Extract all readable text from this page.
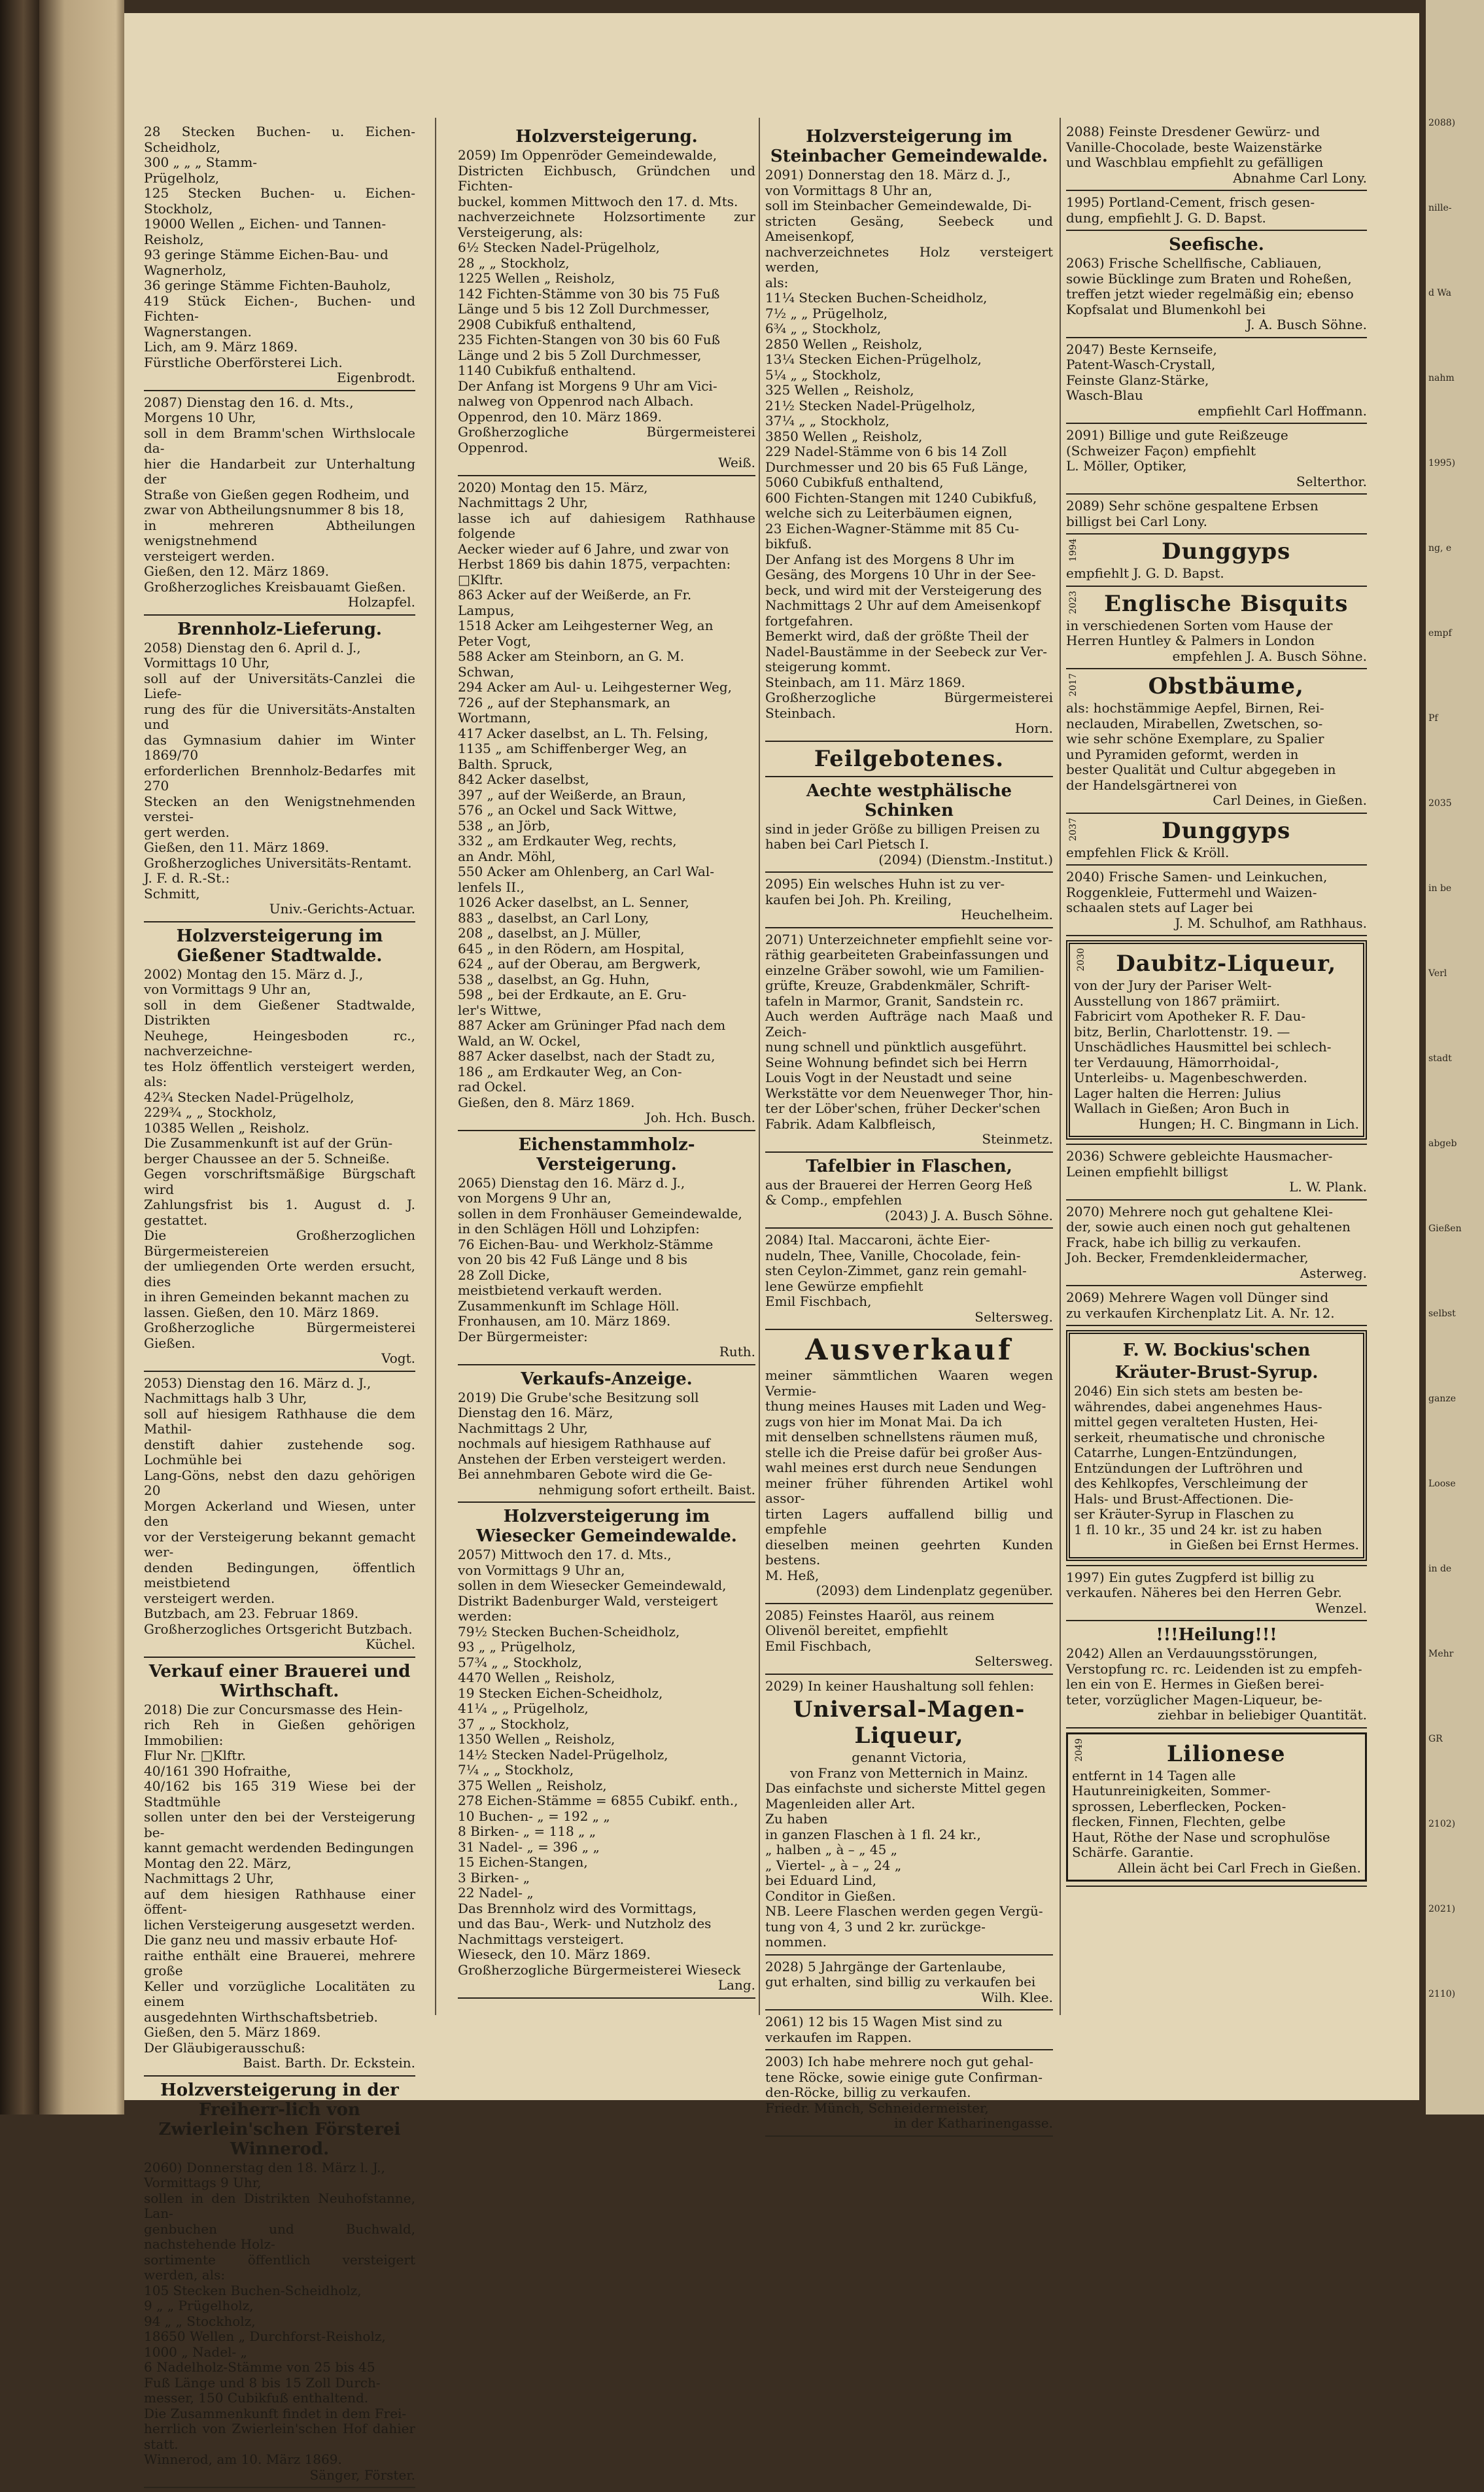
28 Stecken Buchen- u. Eichen-Scheidholz,

300 „ „ „ Stamm-

Prügelholz,

125 Stecken Buchen- u. Eichen-Stockholz,

19000 Wellen „ Eichen- und Tannen-

Reisholz,

93 geringe Stämme Eichen-Bau- und

Wagnerholz,

36 geringe Stämme Fichten-Bauholz,

419 Stück Eichen-, Buchen- und Fichten-

Wagnerstangen.

Lich, am 9. März 1869.

Fürstliche Oberförsterei Lich.

Eigenbrodt.

2087) Dienstag den 16. d. Mts.,

Morgens 10 Uhr,

soll in dem Bramm'schen Wirthslocale da-

hier die Handarbeit zur Unterhaltung der

Straße von Gießen gegen Rodheim, und

zwar von Abtheilungsnummer 8 bis 18,

in mehreren Abtheilungen wenigstnehmend

versteigert werden.

Gießen, den 12. März 1869.

Großherzogliches Kreisbauamt Gießen.

Holzapfel.

Brennholz-Lieferung.

2058) Dienstag den 6. April d. J.,

Vormittags 10 Uhr,

soll auf der Universitäts-Canzlei die Liefe-

rung des für die Universitäts-Anstalten und

das Gymnasium dahier im Winter 1869/70

erforderlichen Brennholz-Bedarfes mit 270

Stecken an den Wenigstnehmenden verstei-

gert werden.

Gießen, den 11. März 1869.

Großherzogliches Universitäts-Rentamt.

J. F. d. R.-St.:

Schmitt,

Univ.-Gerichts-Actuar.

Holzversteigerung im Gießener Stadtwalde.

2002) Montag den 15. März d. J.,

von Vormittags 9 Uhr an,

soll in dem Gießener Stadtwalde, Distrikten

Neuhege, Heingesboden rc., nachverzeichne-

tes Holz öffentlich versteigert werden, als:

42¾ Stecken Nadel-Prügelholz,

229¾ „ „ Stockholz,

10385 Wellen „ Reisholz.

Die Zusammenkunft ist auf der Grün-

berger Chaussee an der 5. Schneiße.

Gegen vorschriftsmäßige Bürgschaft wird

Zahlungsfrist bis 1. August d. J. gestattet.

Die Großherzoglichen Bürgermeistereien

der umliegenden Orte werden ersucht, dies

in ihren Gemeinden bekannt machen zu

lassen. Gießen, den 10. März 1869.

Großherzogliche Bürgermeisterei Gießen.

Vogt.

2053) Dienstag den 16. März d. J.,

Nachmittags halb 3 Uhr,

soll auf hiesigem Rathhause die dem Mathil-

denstift dahier zustehende sog. Lochmühle bei

Lang-Göns, nebst den dazu gehörigen 20

Morgen Ackerland und Wiesen, unter den

vor der Versteigerung bekannt gemacht wer-

denden Bedingungen, öffentlich meistbietend

versteigert werden.

Butzbach, am 23. Februar 1869.

Großherzogliches Ortsgericht Butzbach.

Küchel.

Verkauf einer Brauerei und Wirthschaft.

2018) Die zur Concursmasse des Hein-

rich Reh in Gießen gehörigen Immobilien:

Flur Nr. □Klftr.

40/161 390 Hofraithe,

40/162 bis 165 319 Wiese bei der Stadtmühle

sollen unter den bei der Versteigerung be-

kannt gemacht werdenden Bedingungen

Montag den 22. März,

Nachmittags 2 Uhr,

auf dem hiesigen Rathhause einer öffent-

lichen Versteigerung ausgesetzt werden.

Die ganz neu und massiv erbaute Hof-

raithe enthält eine Brauerei, mehrere große

Keller und vorzügliche Localitäten zu einem

ausgedehnten Wirthschaftsbetrieb.

Gießen, den 5. März 1869.

Der Gläubigerausschuß:

Baist. Barth. Dr. Eckstein.

Holzversteigerung in der Freiherr-lich von Zwierlein'schen Försterei Winnerod.

2060) Donnerstag den 18. März l. J.,

Vormittags 9 Uhr,

sollen in den Distrikten Neuhofstanne, Lan-

genbuchen und Buchwald, nachstehende Holz-

sortimente öffentlich versteigert werden, als:

105 Stecken Buchen-Scheidholz,

9 „ „ Prügelholz,

94 „ „ Stockholz,

18650 Wellen „ Durchforst-Reisholz,

1000 „ Nadel- „

6 Nadelholz-Stämme von 25 bis 45

Fuß Länge und 8 bis 15 Zoll Durch-

messer, 150 Cubikfuß enthaltend.

Die Zusammenkunft findet in dem Frei-

herrlich von Zwierlein'schen Hof dahier statt.

Winnerod, am 10. März 1869.

Sänger, Förster.

Holzversteigerung.

2059) Im Oppenröder Gemeindewalde,

Districten Eichbusch, Gründchen und Fichten-

buckel, kommen Mittwoch den 17. d. Mts.

nachverzeichnete Holzsortimente zur Versteigerung, als:

6½ Stecken Nadel-Prügelholz,

28 „ „ Stockholz,

1225 Wellen „ Reisholz,

142 Fichten-Stämme von 30 bis 75 Fuß

Länge und 5 bis 12 Zoll Durchmesser,

2908 Cubikfuß enthaltend,

235 Fichten-Stangen von 30 bis 60 Fuß

Länge und 2 bis 5 Zoll Durchmesser,

1140 Cubikfuß enthaltend.

Der Anfang ist Morgens 9 Uhr am Vici-

nalweg von Oppenrod nach Albach.

Oppenrod, den 10. März 1869.

Großherzogliche Bürgermeisterei Oppenrod.

Weiß.

2020) Montag den 15. März,

Nachmittags 2 Uhr,

lasse ich auf dahiesigem Rathhause folgende

Aecker wieder auf 6 Jahre, und zwar von

Herbst 1869 bis dahin 1875, verpachten:

□Klftr.

863 Acker auf der Weißerde, an Fr.

Lampus,

1518 Acker am Leihgesterner Weg, an

Peter Vogt,

588 Acker am Steinborn, an G. M.

Schwan,

294 Acker am Aul- u. Leihgesterner Weg,

726 „ auf der Stephansmark, an

Wortmann,

417 Acker daselbst, an L. Th. Felsing,

1135 „ am Schiffenberger Weg, an

Balth. Spruck,

842 Acker daselbst,

397 „ auf der Weißerde, an Braun,

576 „ an Ockel und Sack Wittwe,

538 „ an Jörb,

332 „ am Erdkauter Weg, rechts,

an Andr. Möhl,

550 Acker am Ohlenberg, an Carl Wal-

lenfels II.,

1026 Acker daselbst, an L. Senner,

883 „ daselbst, an Carl Lony,

208 „ daselbst, an J. Müller,

645 „ in den Rödern, am Hospital,

624 „ auf der Oberau, am Bergwerk,

538 „ daselbst, an Gg. Huhn,

598 „ bei der Erdkaute, an E. Gru-

ler's Wittwe,

887 Acker am Grüninger Pfad nach dem

Wald, an W. Ockel,

887 Acker daselbst, nach der Stadt zu,

186 „ am Erdkauter Weg, an Con-

rad Ockel.

Gießen, den 8. März 1869.

Joh. Hch. Busch.

Eichenstammholz-Versteigerung.

2065) Dienstag den 16. März d. J.,

von Morgens 9 Uhr an,

sollen in dem Fronhäuser Gemeindewalde,

in den Schlägen Höll und Lohzipfen:

76 Eichen-Bau- und Werkholz-Stämme

von 20 bis 42 Fuß Länge und 8 bis

28 Zoll Dicke,

meistbietend verkauft werden.

Zusammenkunft im Schlage Höll.

Fronhausen, am 10. März 1869.

Der Bürgermeister:

Ruth.

Verkaufs-Anzeige.

2019) Die Grube'sche Besitzung soll

Dienstag den 16. März,

Nachmittags 2 Uhr,

nochmals auf hiesigem Rathhause auf

Anstehen der Erben versteigert werden.

Bei annehmbaren Gebote wird die Ge-

nehmigung sofort ertheilt. Baist.

Holzversteigerung im Wiesecker Gemeindewalde.

2057) Mittwoch den 17. d. Mts.,

von Vormittags 9 Uhr an,

sollen in dem Wiesecker Gemeindewald,

Distrikt Badenburger Wald, versteigert

werden:

79½ Stecken Buchen-Scheidholz,

93 „ „ Prügelholz,

57¾ „ „ Stockholz,

4470 Wellen „ Reisholz,

19 Stecken Eichen-Scheidholz,

41¼ „ „ Prügelholz,

37 „ „ Stockholz,

1350 Wellen „ Reisholz,

14½ Stecken Nadel-Prügelholz,

7¼ „ „ Stockholz,

375 Wellen „ Reisholz,

278 Eichen-Stämme = 6855 Cubikf. enth.,

10 Buchen- „ = 192 „ „

8 Birken- „ = 118 „ „

31 Nadel- „ = 396 „ „

15 Eichen-Stangen,

3 Birken- „

22 Nadel- „

Das Brennholz wird des Vormittags,

und das Bau-, Werk- und Nutzholz des

Nachmittags versteigert.

Wieseck, den 10. März 1869.

Großherzogliche Bürgermeisterei Wieseck

Lang.

Holzversteigerung im Steinbacher Gemeindewalde.

2091) Donnerstag den 18. März d. J.,

von Vormittags 8 Uhr an,

soll im Steinbacher Gemeindewalde, Di-

stricten Gesäng, Seebeck und Ameisenkopf,

nachverzeichnetes Holz versteigert werden,

als:

11¼ Stecken Buchen-Scheidholz,

7½ „ „ Prügelholz,

6¾ „ „ Stockholz,

2850 Wellen „ Reisholz,

13¼ Stecken Eichen-Prügelholz,

5¼ „ „ Stockholz,

325 Wellen „ Reisholz,

21½ Stecken Nadel-Prügelholz,

37¼ „ „ Stockholz,

3850 Wellen „ Reisholz,

229 Nadel-Stämme von 6 bis 14 Zoll

Durchmesser und 20 bis 65 Fuß Länge,

5060 Cubikfuß enthaltend,

600 Fichten-Stangen mit 1240 Cubikfuß,

welche sich zu Leiterbäumen eignen,

23 Eichen-Wagner-Stämme mit 85 Cu-

bikfuß.

Der Anfang ist des Morgens 8 Uhr im

Gesäng, des Morgens 10 Uhr in der See-

beck, und wird mit der Versteigerung des

Nachmittags 2 Uhr auf dem Ameisenkopf

fortgefahren.

Bemerkt wird, daß der größte Theil der

Nadel-Baustämme in der Seebeck zur Ver-

steigerung kommt.

Steinbach, am 11. März 1869.

Großherzogliche Bürgermeisterei Steinbach.

Horn.

Feilgebotenes.
Aechte westphälische Schinken

sind in jeder Größe zu billigen Preisen zu

haben bei Carl Pietsch I.

(2094) (Dienstm.-Institut.)

2095) Ein welsches Huhn ist zu ver-

kaufen bei Joh. Ph. Kreiling,

Heuchelheim.

2071) Unterzeichneter empfiehlt seine vor-

räthig gearbeiteten Grabeinfassungen und

einzelne Gräber sowohl, wie um Familien-

grüfte, Kreuze, Grabdenkmäler, Schrift-

tafeln in Marmor, Granit, Sandstein rc.

Auch werden Aufträge nach Maaß und Zeich-

nung schnell und pünktlich ausgeführt.

Seine Wohnung befindet sich bei Herrn

Louis Vogt in der Neustadt und seine

Werkstätte vor dem Neuenweger Thor, hin-

ter der Löber'schen, früher Decker'schen

Fabrik. Adam Kalbfleisch,

Steinmetz.

Tafelbier in Flaschen,

aus der Brauerei der Herren Georg Heß

& Comp., empfehlen

(2043) J. A. Busch Söhne.

2084) Ital. Maccaroni, ächte Eier-

nudeln, Thee, Vanille, Chocolade, fein-

sten Ceylon-Zimmet, ganz rein gemahl-

lene Gewürze empfiehlt

Emil Fischbach,

Seltersweg.

Ausverkauf

meiner sämmtlichen Waaren wegen Vermie-

thung meines Hauses mit Laden und Weg-

zugs von hier im Monat Mai. Da ich

mit denselben schnellstens räumen muß,

stelle ich die Preise dafür bei großer Aus-

wahl meines erst durch neue Sendungen

meiner früher führenden Artikel wohl assor-

tirten Lagers auffallend billig und empfehle

dieselben meinen geehrten Kunden bestens.

M. Heß,

(2093) dem Lindenplatz gegenüber.

2085) Feinstes Haaröl, aus reinem

Olivenöl bereitet, empfiehlt

Emil Fischbach,

Seltersweg.

2029) In keiner Haushaltung soll fehlen:

Universal-Magen-Liqueur,

genannt Victoria,

von Franz von Metternich in Mainz.

Das einfachste und sicherste Mittel gegen

Magenleiden aller Art.

Zu haben

in ganzen Flaschen à 1 fl. 24 kr.,

„ halben „ à – „ 45 „

„ Viertel- „ à – „ 24 „

bei Eduard Lind,

Conditor in Gießen.

NB. Leere Flaschen werden gegen Vergü-

tung von 4, 3 und 2 kr. zurückge-

nommen.

2028) 5 Jahrgänge der Gartenlaube,

gut erhalten, sind billig zu verkaufen bei

Wilh. Klee.

2061) 12 bis 15 Wagen Mist sind zu

verkaufen im Rappen.

2003) Ich habe mehrere noch gut gehal-

tene Röcke, sowie einige gute Confirman-

den-Röcke, billig zu verkaufen.

Friedr. Münch, Schneidermeister,

in der Katharinengasse.

2088) Feinste Dresdener Gewürz- und

Vanille-Chocolade, beste Waizenstärke

und Waschblau empfiehlt zu gefälligen

Abnahme Carl Lony.

1995) Portland-Cement, frisch gesen-

dung, empfiehlt J. G. D. Bapst.

Seefische.

2063) Frische Schellfische, Cabliauen,

sowie Bücklinge zum Braten und Roheßen,

treffen jetzt wieder regelmäßig ein; ebenso

Kopfsalat und Blumenkohl bei

J. A. Busch Söhne.

2047) Beste Kernseife,

Patent-Wasch-Crystall,

Feinste Glanz-Stärke,

Wasch-Blau

empfiehlt Carl Hoffmann.

2091) Billige und gute Reißzeuge

(Schweizer Façon) empfiehlt

L. Möller, Optiker,

Selterthor.

2089) Sehr schöne gespaltene Erbsen

billigst bei Carl Lony.

1994	Dunggyps

empfiehlt J. G. D. Bapst.

2023	Englische Bisquits

in verschiedenen Sorten vom Hause der

Herren Huntley & Palmers in London

empfehlen J. A. Busch Söhne.

2017	Obstbäume,

als: hochstämmige Aepfel, Birnen, Rei-

neclauden, Mirabellen, Zwetschen, so-

wie sehr schöne Exemplare, zu Spalier

und Pyramiden geformt, werden in

bester Qualität und Cultur abgegeben in

der Handelsgärtnerei von

Carl Deines, in Gießen.

2037	Dunggyps

empfehlen Flick & Kröll.

2040) Frische Samen- und Leinkuchen,

Roggenkleie, Futtermehl und Waizen-

schaalen stets auf Lager bei

J. M. Schulhof, am Rathhaus.

2030	Daubitz-Liqueur,

von der Jury der Pariser Welt-

Ausstellung von 1867 prämiirt.

Fabricirt vom Apotheker R. F. Dau-

bitz, Berlin, Charlottenstr. 19. —

Unschädliches Hausmittel bei schlech-

ter Verdauung, Hämorrhoidal-,

Unterleibs- u. Magenbeschwerden.

Lager halten die Herren: Julius

Wallach in Gießen; Aron Buch in

Hungen; H. C. Bingmann in Lich.

2036) Schwere gebleichte Hausmacher-

Leinen empfiehlt billigst

L. W. Plank.

2070) Mehrere noch gut gehaltene Klei-

der, sowie auch einen noch gut gehaltenen

Frack, habe ich billig zu verkaufen.

Joh. Becker, Fremdenkleidermacher,

Asterweg.

2069) Mehrere Wagen voll Dünger sind

zu verkaufen Kirchenplatz Lit. A. Nr. 12.

F. W. Bockius'schen
Kräuter-Brust-Syrup.

2046) Ein sich stets am besten be-

währendes, dabei angenehmes Haus-

mittel gegen veralteten Husten, Hei-

serkeit, rheumatische und chronische

Catarrhe, Lungen-Entzündungen,

Entzündungen der Luftröhren und

des Kehlkopfes, Verschleimung der

Hals- und Brust-Affectionen. Die-

ser Kräuter-Syrup in Flaschen zu

1 fl. 10 kr., 35 und 24 kr. ist zu haben

in Gießen bei Ernst Hermes.

1997) Ein gutes Zugpferd ist billig zu

verkaufen. Näheres bei den Herren Gebr.

Wenzel.

!!!Heilung!!!

2042) Allen an Verdauungsstörungen,

Verstopfung rc. rc. Leidenden ist zu empfeh-

len ein von E. Hermes in Gießen berei-

teter, vorzüglicher Magen-Liqueur, be-

ziehbar in beliebiger Quantität.

2049	Lilionese

entfernt in 14 Tagen alle

Hautunreinigkeiten, Sommer-

sprossen, Leberflecken, Pocken-

flecken, Finnen, Flechten, gelbe

Haut, Röthe der Nase und scrophulöse

Schärfe. Garantie.

Allein ächt bei Carl Frech in Gießen.

2088)
nille-
d Wa
nahm
1995)
ng, e
empf
Pf
2035
in be
Verl
stadt
abgeb
Gießen
selbst
ganze
Loose
in de
Mehr
GR
2102)
2021)
2110)
